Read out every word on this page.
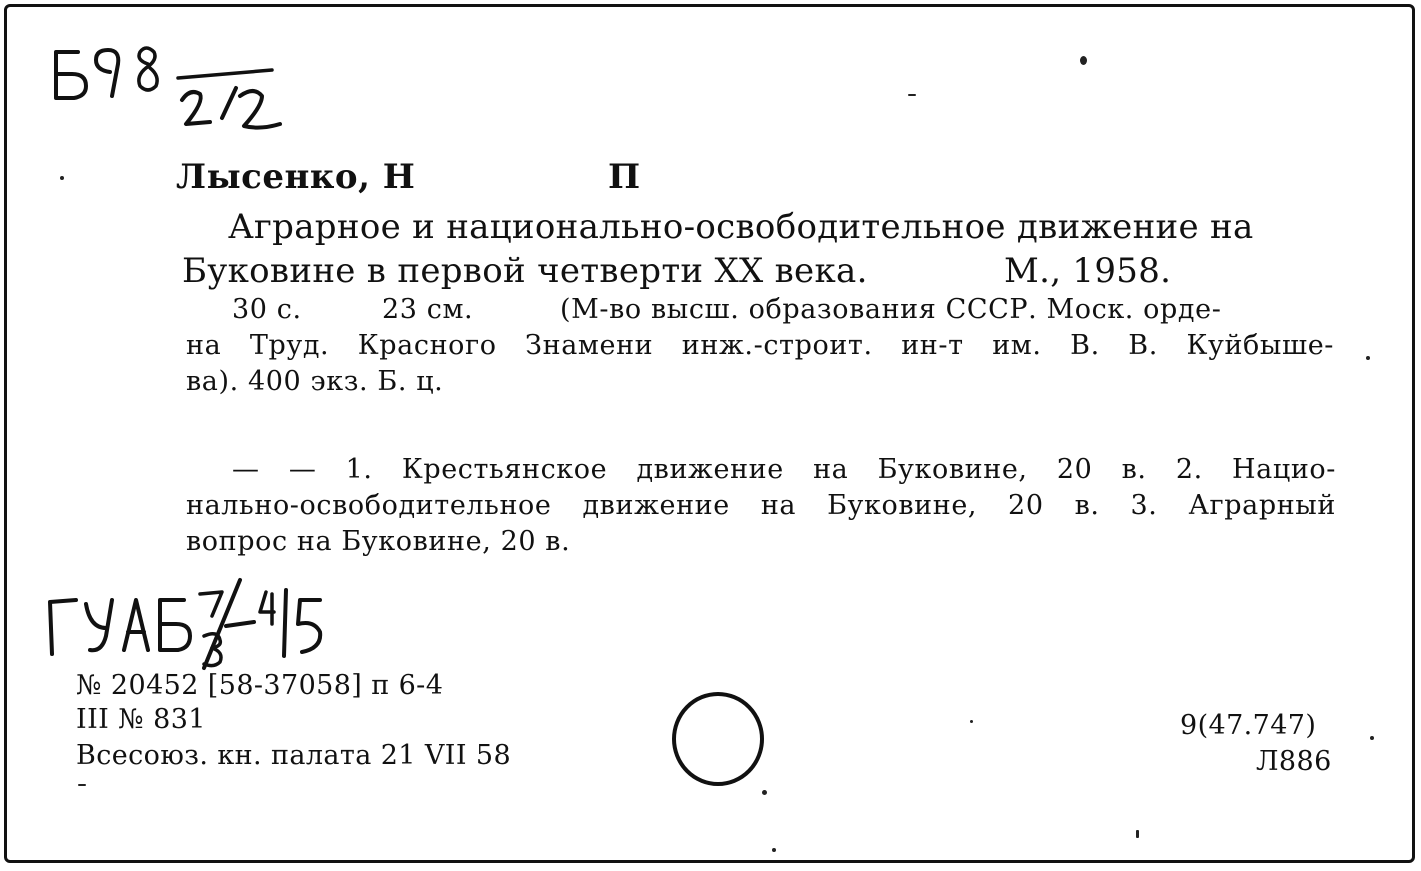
Лысенко, Н	П
Аграрное и национально-освободительное движение на
Буковине в первой четверти XX века.	М., 1958.
30 с.	23 см.	(М-во высш. образования СССР. Моск. орде-
на Труд. Красного Знамени инж.-строит. ин-т им. В. В. Куйбыше-
ва). 400 экз. Б. ц.
— — 1. Крестьянское движение на Буковине, 20 в. 2. Нацио-
нально-освободительное движение на Буковине, 20 в. 3. Аграрный
вопрос на Буковине, 20 в.
№ 20452 [58-37058] п 6-4
III № 831
Всесоюз. кн. палата 21 VII 58
9(47.747)
Л886
